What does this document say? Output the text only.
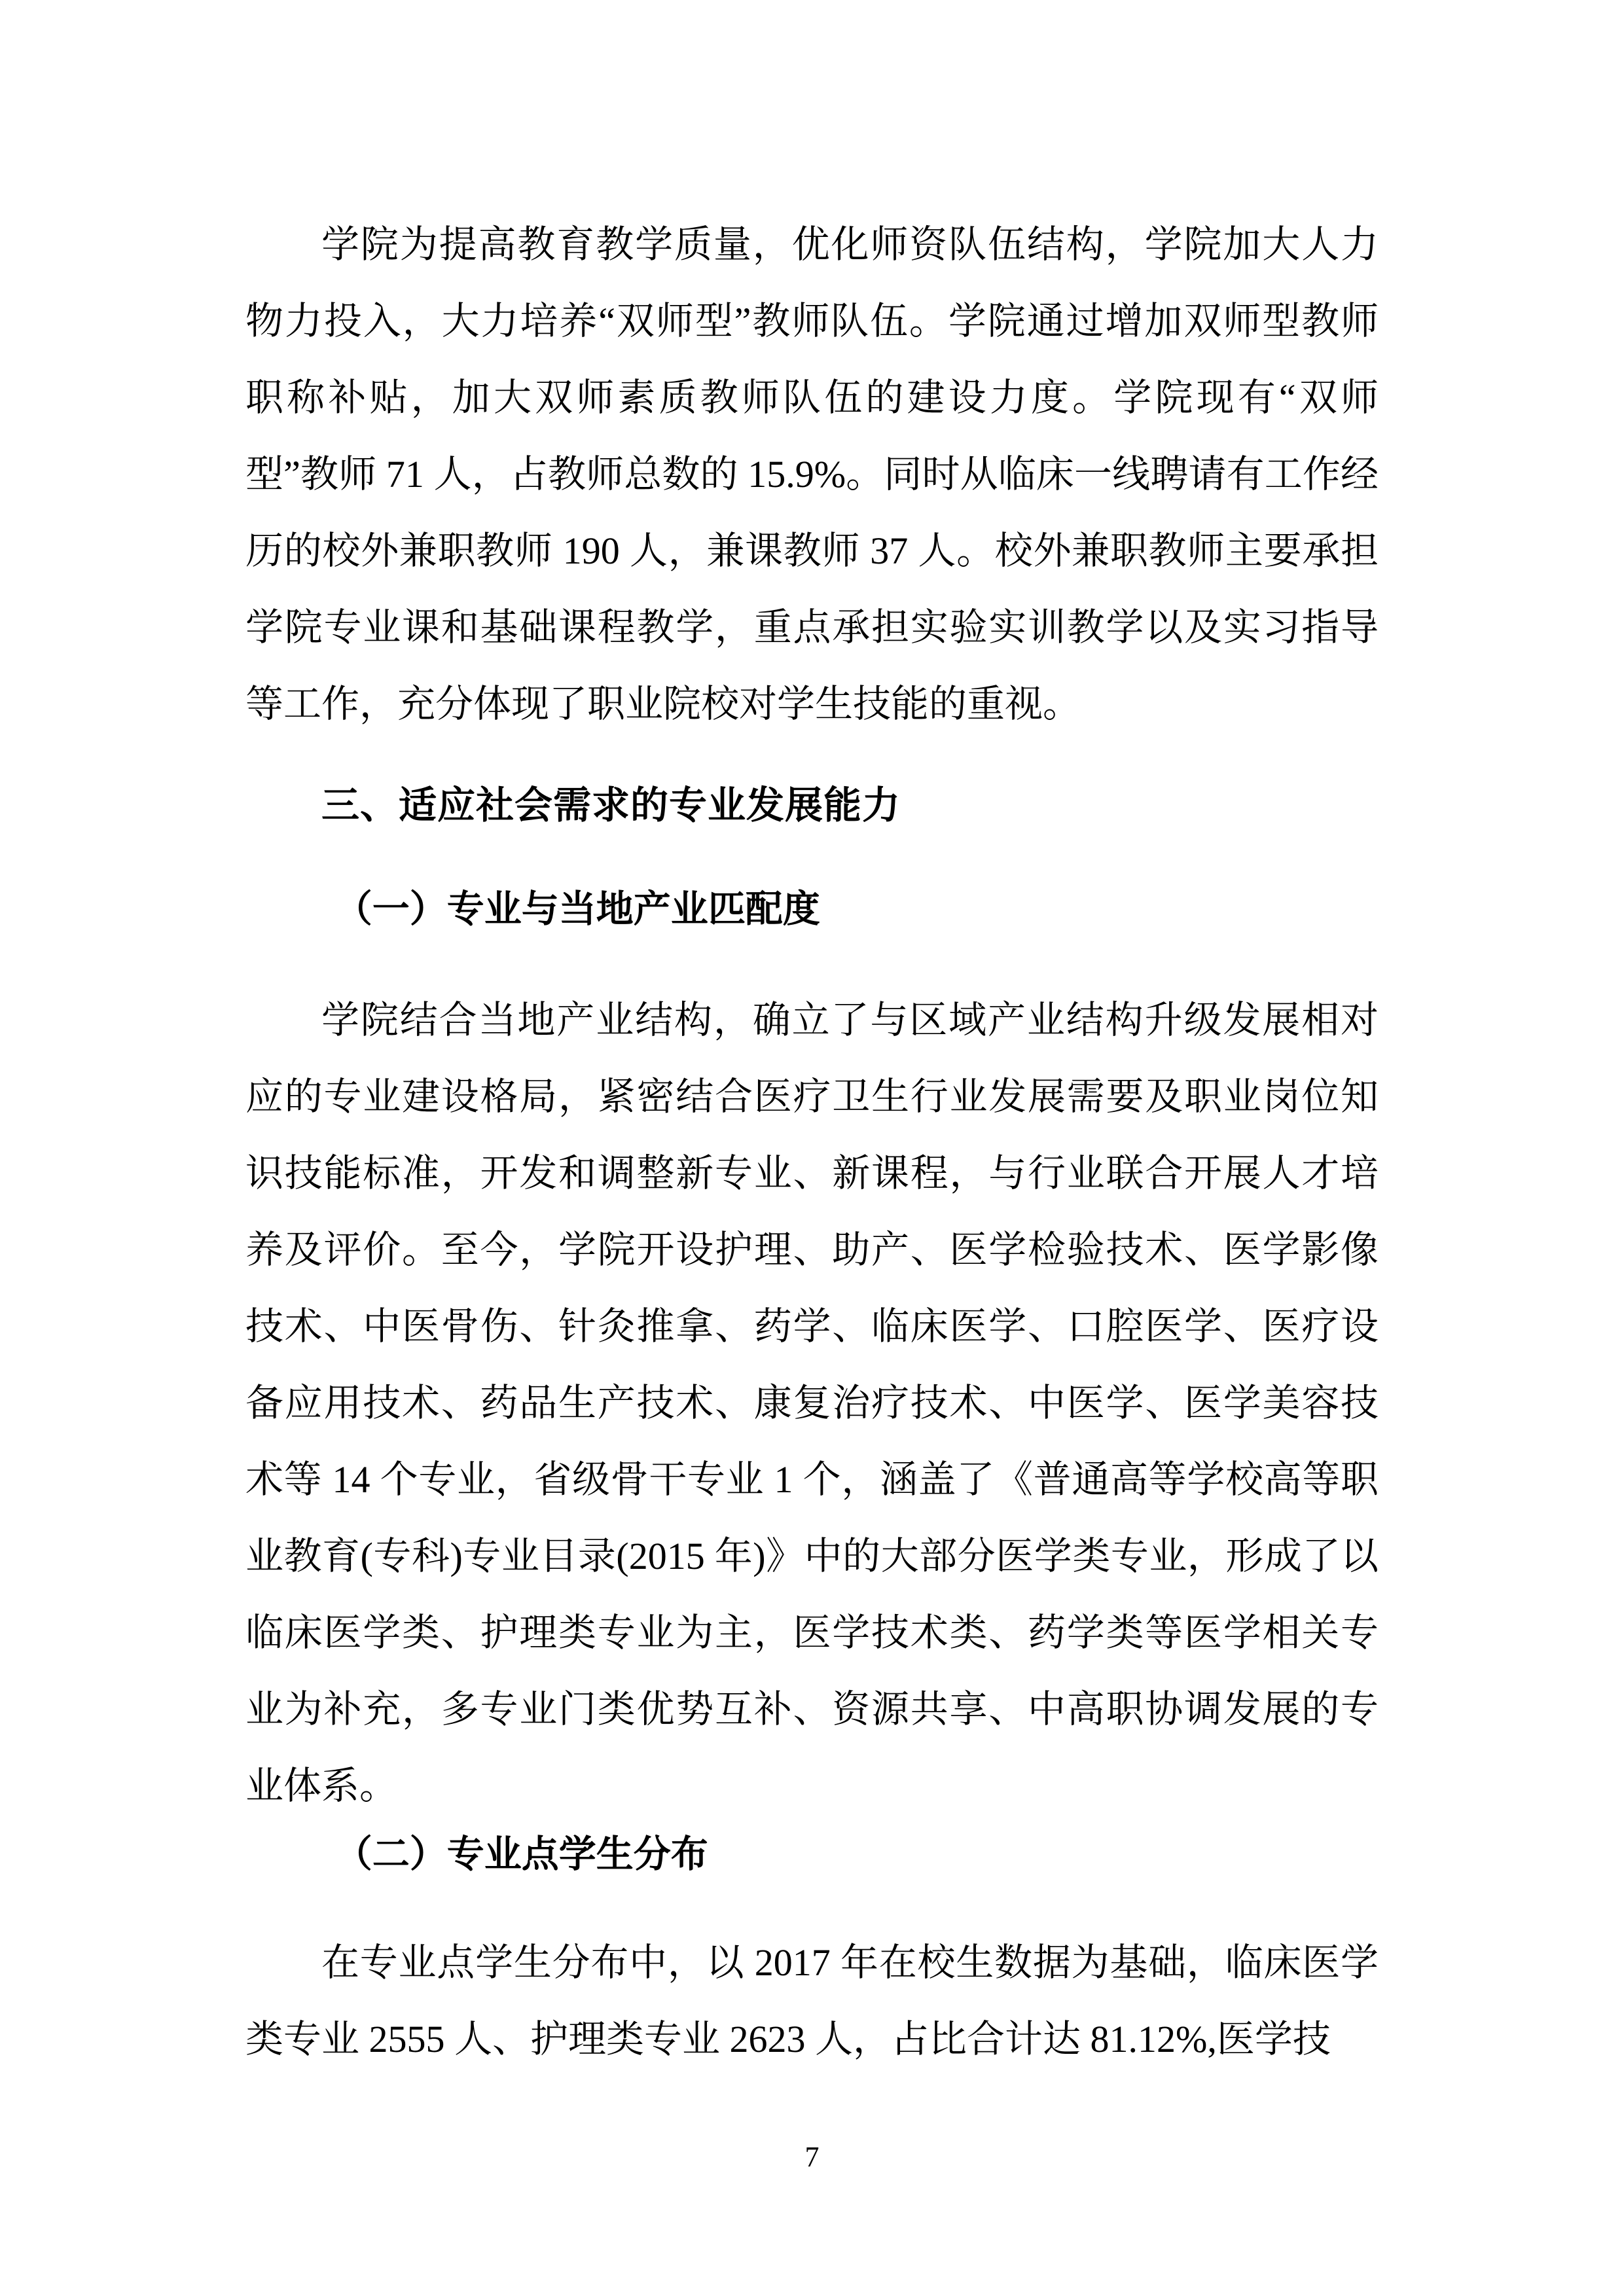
学院为提高教育教学质量，优化师资队伍结构，学院加大人力物力投入，大力培养“双师型”教师队伍。学院通过增加双师型教师职称补贴，加大双师素质教师队伍的建设力度。学院现有“双师型”教师 71 人，占教师总数的 15.9%。同时从临床一线聘请有工作经历的校外兼职教师 190 人，兼课教师 37 人。校外兼职教师主要承担学院专业课和基础课程教学，重点承担实验实训教学以及实习指导等工作，充分体现了职业院校对学生技能的重视。

三、适应社会需求的专业发展能力
（一）专业与当地产业匹配度

学院结合当地产业结构，确立了与区域产业结构升级发展相对应的专业建设格局，紧密结合医疗卫生行业发展需要及职业岗位知识技能标准，开发和调整新专业、新课程，与行业联合开展人才培养及评价。至今，学院开设护理、助产、医学检验技术、医学影像技术、中医骨伤、针灸推拿、药学、临床医学、口腔医学、医疗设备应用技术、药品生产技术、康复治疗技术、中医学、医学美容技术等 14 个专业，省级骨干专业 1 个，涵盖了《普通高等学校高等职业教育(专科)专业目录(2015 年)》中的大部分医学类专业，形成了以临床医学类、护理类专业为主，医学技术类、药学类等医学相关专业为补充，多专业门类优势互补、资源共享、中高职协调发展的专业体系。

（二）专业点学生分布

在专业点学生分布中，以 2017 年在校生数据为基础，临床医学类专业 2555 人、护理类专业 2623 人，占比合计达 81.12%,医学技

7
